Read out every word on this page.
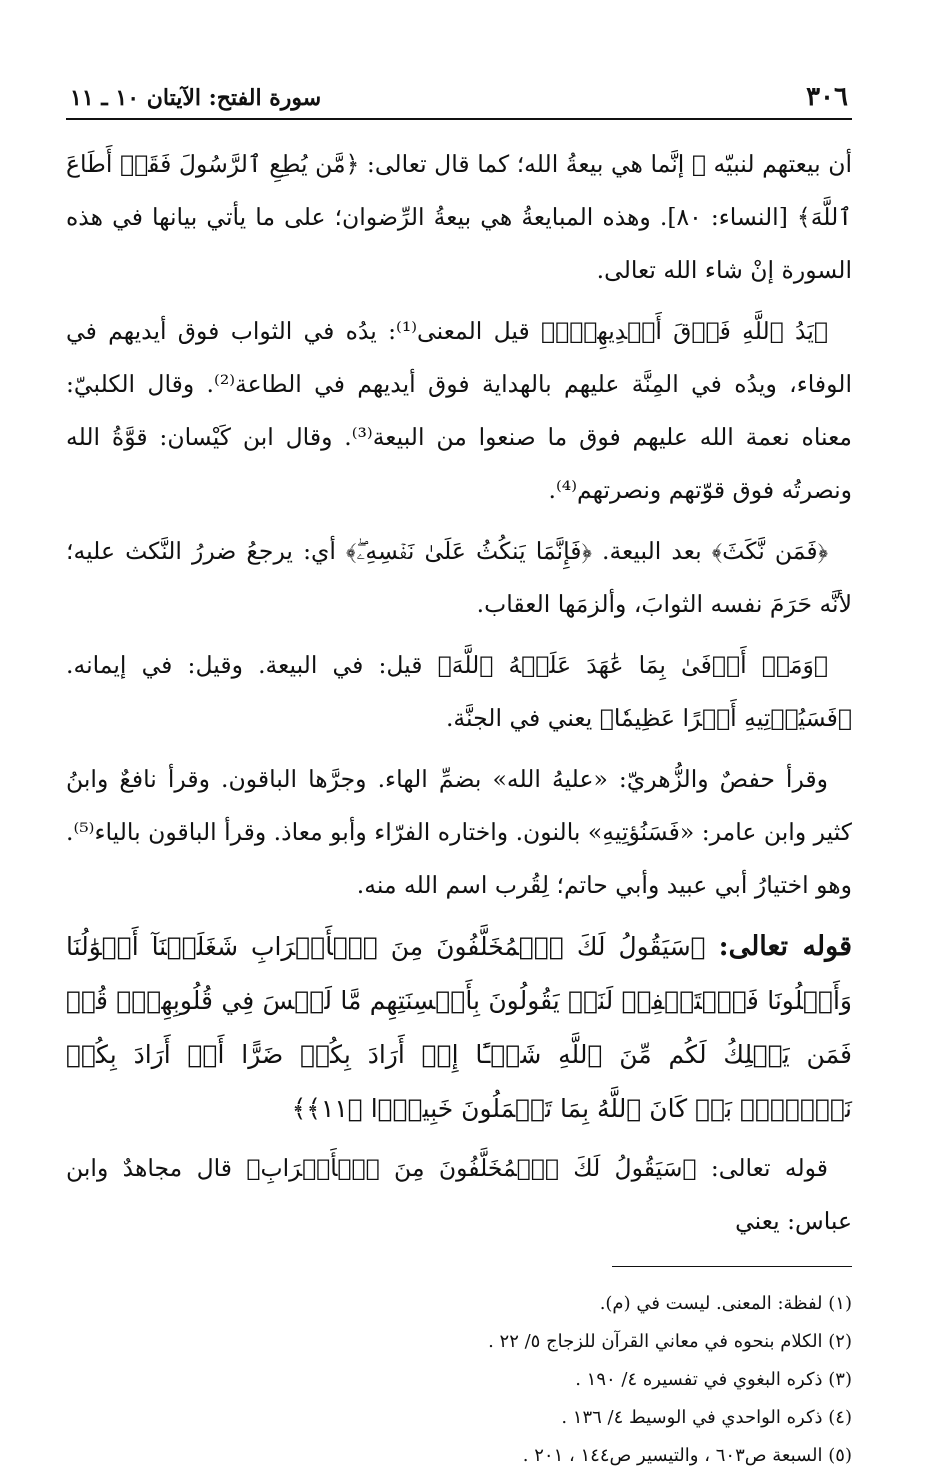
٣٠٦
سورة الفتح: الآيتان ١٠ ـ ١١

أن بيعتهم لنبيّه ﷺ إنَّما هي بيعةُ الله؛ كما قال تعالى: ﴿مَّن يُطِعِ ٱلرَّسُولَ فَقَدۡ أَطَاعَ ٱللَّهَ﴾ [النساء: ٨٠]. وهذه المبايعةُ هي بيعةُ الرِّضوان؛ على ما يأتي بيانها في هذه السورة إنْ شاء الله تعالى.

﴿يَدُ ٱللَّهِ فَوۡقَ أَيۡدِيهِمۡۚ﴾ قيل المعنى⁽¹⁾: يدُه في الثواب فوق أيديهم في الوفاء، ويدُه في المِنَّة عليهم بالهداية فوق أيديهم في الطاعة⁽²⁾. وقال الكلبيّ: معناه نعمة الله عليهم فوق ما صنعوا من البيعة⁽³⁾. وقال ابن كَيْسان: قوَّةُ الله ونصرتُه فوق قوّتهم ونصرتهم⁽⁴⁾.

﴿فَمَن نَّكَثَ﴾ بعد البيعة. ﴿فَإِنَّمَا يَنكُثُ عَلَىٰ نَفۡسِهِۦۖ﴾ أي: يرجعُ ضررُ النَّكث عليه؛ لأنَّه حَرَمَ نفسه الثوابَ، وألزمَها العقاب.

﴿وَمَنۡ أَوۡفَىٰ بِمَا عَٰهَدَ عَلَيۡهُ ٱللَّهَ﴾ قيل: في البيعة. وقيل: في إيمانه. ﴿فَسَيُؤۡتِيهِ أَجۡرًا عَظِيمٗا﴾ يعني في الجنَّة.

وقرأ حفصٌ والزُّهريّ: «عليهُ الله» بضمِّ الهاء. وجرَّها الباقون. وقرأ نافعٌ وابنُ كثير وابن عامر: «فَسَنُؤتِيهِ» بالنون. واختاره الفرّاء وأبو معاذ. وقرأ الباقون بالياء⁽⁵⁾. وهو اختيارُ أبي عبيد وأبي حاتم؛ لِقُرب اسم الله منه.

قوله تعالى: ﴿سَيَقُولُ لَكَ ٱلۡمُخَلَّفُونَ مِنَ ٱلۡأَعۡرَابِ شَغَلَتۡنَآ أَمۡوَٰلُنَا وَأَهۡلُونَا فَٱسۡتَغۡفِرۡ لَنَاۚ يَقُولُونَ بِأَلۡسِنَتِهِم مَّا لَيۡسَ فِي قُلُوبِهِمۡۚ قُلۡ فَمَن يَمۡلِكُ لَكُم مِّنَ ٱللَّهِ شَيۡـًٔا إِنۡ أَرَادَ بِكُمۡ ضَرًّا أَوۡ أَرَادَ بِكُمۡ نَفۡعَۢاۚ بَلۡ كَانَ ٱللَّهُ بِمَا تَعۡمَلُونَ خَبِيرَۢا ﴿١١﴾﴾

قوله تعالى: ﴿سَيَقُولُ لَكَ ٱلۡمُخَلَّفُونَ مِنَ ٱلۡأَعۡرَابِ﴾ قال مجاهدٌ وابن عباس: يعني

(١) لفظة: المعنى. ليست في (م).
(٢) الكلام بنحوه في معاني القرآن للزجاج ٥/ ٢٢ .
(٣) ذكره البغوي في تفسيره ٤/ ١٩٠ .
(٤) ذكره الواحدي في الوسيط ٤/ ١٣٦ .
(٥) السبعة ص٦٠٣ ، والتيسير ص١٤٤ ، ٢٠١ .
